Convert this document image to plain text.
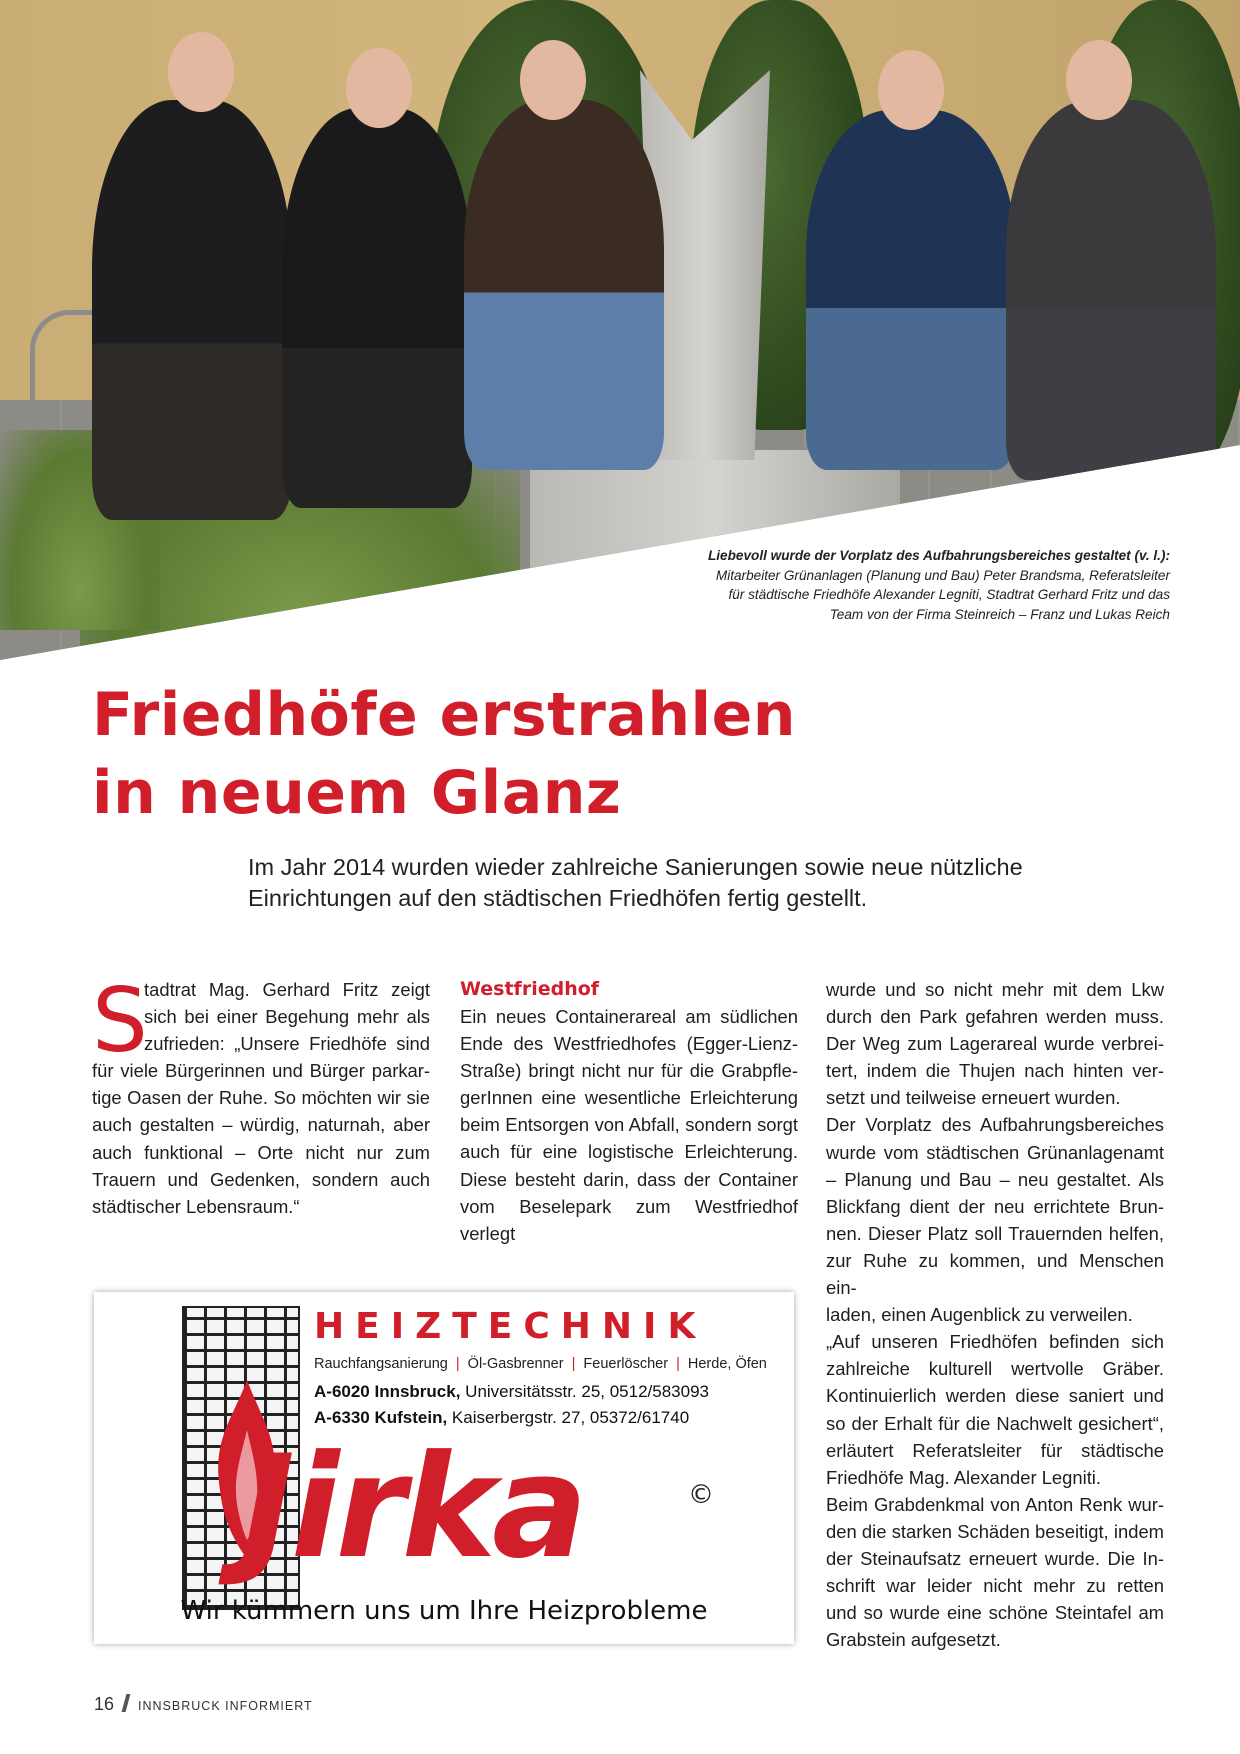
Liebevoll wurde der Vorplatz des Aufbahrungsbereiches gestaltet (v. l.):
Mitarbeiter Grünanlagen (Planung und Bau) Peter Brandsma, Referatsleiter
für städtische Friedhöfe Alexander Legniti, Stadtrat Gerhard Fritz und das
Team von der Firma Steinreich – Franz und Lukas Reich
Friedhöfe erstrahlen
in neuem Glanz
Im Jahr 2014 wurden wieder zahlreiche Sanierungen sowie neue nützliche
Einrichtungen auf den städtischen Friedhöfen fertig gestellt.
S
tadtrat Mag. Gerhard Fritz zeigt
sich bei einer Begehung mehr als
zufrieden: „Unsere Friedhöfe sind
für viele Bürgerinnen und Bürger parkar-
tige Oasen der Ruhe. So möchten wir sie
auch gestalten – würdig, naturnah, aber
auch funktional – Orte nicht nur zum
Trauern und Gedenken, sondern auch
städtischer Lebensraum.“
Westfriedhof
Ein neues Containerareal am südlichen
Ende des Westfriedhofes (Egger-Lienz-
Straße) bringt nicht nur für die Grabpfle-
gerInnen eine wesentliche Erleichterung
beim Entsorgen von Abfall, sondern sorgt
auch für eine logistische Erleichterung.
Diese besteht darin, dass der Container
vom Beselepark zum Westfriedhof verlegt
wurde und so nicht mehr mit dem Lkw
durch den Park gefahren werden muss.
Der Weg zum Lagerareal wurde verbrei-
tert, indem die Thujen nach hinten ver-
setzt und teilweise erneuert wurden.
Der Vorplatz des Aufbahrungsbereiches
wurde vom städtischen Grünanlagenamt
– Planung und Bau – neu gestaltet. Als
Blickfang dient der neu errichtete Brun-
nen. Dieser Platz soll Trauernden helfen,
zur Ruhe zu kommen, und Menschen ein-
laden, einen Augenblick zu verweilen.
„Auf unseren Friedhöfen befinden sich
zahlreiche kulturell wertvolle Gräber.
Kontinuierlich werden diese saniert und
so der Erhalt für die Nachwelt gesichert“,
erläutert Referatsleiter für städtische
Friedhöfe Mag. Alexander Legniti.
Beim Grabdenkmal von Anton Renk wur-
den die starken Schäden beseitigt, indem
der Steinaufsatz erneuert wurde. Die In-
schrift war leider nicht mehr zu retten
und so wurde eine schöne Steintafel am
Grabstein aufgesetzt.
HEIZTECHNIK
Rauchfangsanierung | Öl-Gasbrenner | Feuerlöscher | Herde, Öfen
A-6020 Innsbruck, Universitätsstr. 25, 0512/583093
A-6330 Kufstein, Kaiserbergstr. 27, 05372/61740
Jirka	©
Wir kümmern uns um Ihre Heizprobleme
16 INNSBRUCK INFORMIERT
